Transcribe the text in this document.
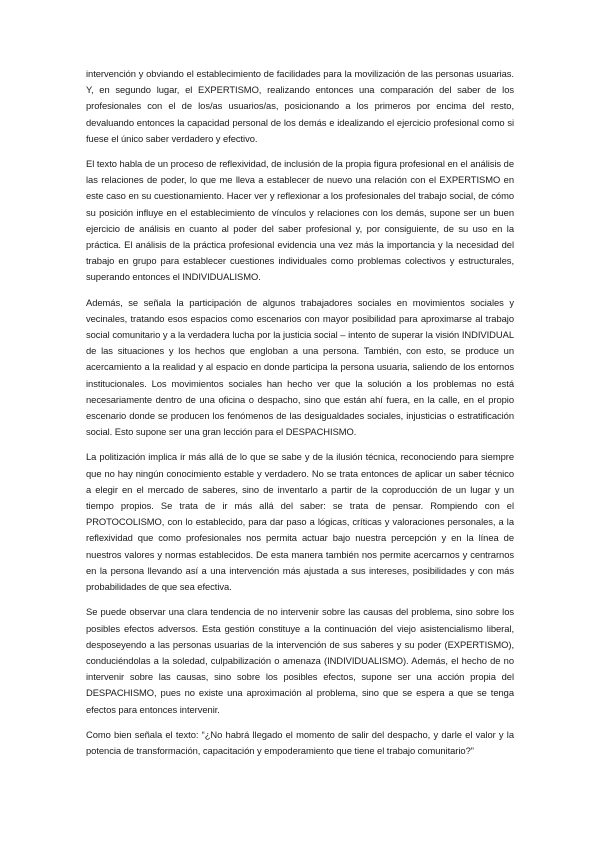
intervención y obviando el establecimiento de facilidades para la movilización de las personas usuarias. Y, en segundo lugar, el EXPERTISMO, realizando entonces una comparación del saber de los profesionales con el de los/as usuarios/as, posicionando a los primeros por encima del resto, devaluando entonces la capacidad personal de los demás e idealizando el ejercicio profesional como si fuese el único saber verdadero y efectivo.

El texto habla de un proceso de reflexividad, de inclusión de la propia figura profesional en el análisis de las relaciones de poder, lo que me lleva a establecer de nuevo una relación con el EXPERTISMO en este caso en su cuestionamiento. Hacer ver y reflexionar a los profesionales del trabajo social, de cómo su posición influye en el establecimiento de vínculos y relaciones con los demás, supone ser un buen ejercicio de análisis en cuanto al poder del saber profesional y, por consiguiente, de su uso en la práctica. El análisis de la práctica profesional evidencia una vez más la importancia y la necesidad del trabajo en grupo para establecer cuestiones individuales como problemas colectivos y estructurales, superando entonces el INDIVIDUALISMO.

Además, se señala la participación de algunos trabajadores sociales en movimientos sociales y vecinales, tratando esos espacios como escenarios con mayor posibilidad para aproximarse al trabajo social comunitario y a la verdadera lucha por la justicia social – intento de superar la visión INDIVIDUAL de las situaciones y los hechos que engloban a una persona. También, con esto, se produce un acercamiento a la realidad y al espacio en donde participa la persona usuaria, saliendo de los entornos institucionales. Los movimientos sociales han hecho ver que la solución a los problemas no está necesariamente dentro de una oficina o despacho, sino que están ahí fuera, en la calle, en el propio escenario donde se producen los fenómenos de las desigualdades sociales, injusticias o estratificación social. Esto supone ser una gran lección para el DESPACHISMO.

La politización implica ir más allá de lo que se sabe y de la ilusión técnica, reconociendo para siempre que no hay ningún conocimiento estable y verdadero. No se trata entonces de aplicar un saber técnico a elegir en el mercado de saberes, sino de inventarlo a partir de la coproducción de un lugar y un tiempo propios. Se trata de ir más allá del saber: se trata de pensar. Rompiendo con el PROTOCOLISMO, con lo establecido, para dar paso a lógicas, críticas y valoraciones personales, a la reflexividad que como profesionales nos permita actuar bajo nuestra percepción y en la línea de nuestros valores y normas establecidos. De esta manera también nos permite acercarnos y centrarnos en la persona llevando así a una intervención más ajustada a sus intereses, posibilidades y con más probabilidades de que sea efectiva.

Se puede observar una clara tendencia de no intervenir sobre las causas del problema, sino sobre los posibles efectos adversos. Esta gestión constituye a la continuación del viejo asistencialismo liberal, desposeyendo a las personas usuarias de la intervención de sus saberes y su poder (EXPERTISMO), conduciéndolas a la soledad, culpabilización o amenaza (INDIVIDUALISMO). Además, el hecho de no intervenir sobre las causas, sino sobre los posibles efectos, supone ser una acción propia del DESPACHISMO, pues no existe una aproximación al problema, sino que se espera a que se tenga efectos para entonces intervenir.

Como bien señala el texto: “¿No habrá llegado el momento de salir del despacho, y darle el valor y la potencia de transformación, capacitación y empoderamiento que tiene el trabajo comunitario?”
